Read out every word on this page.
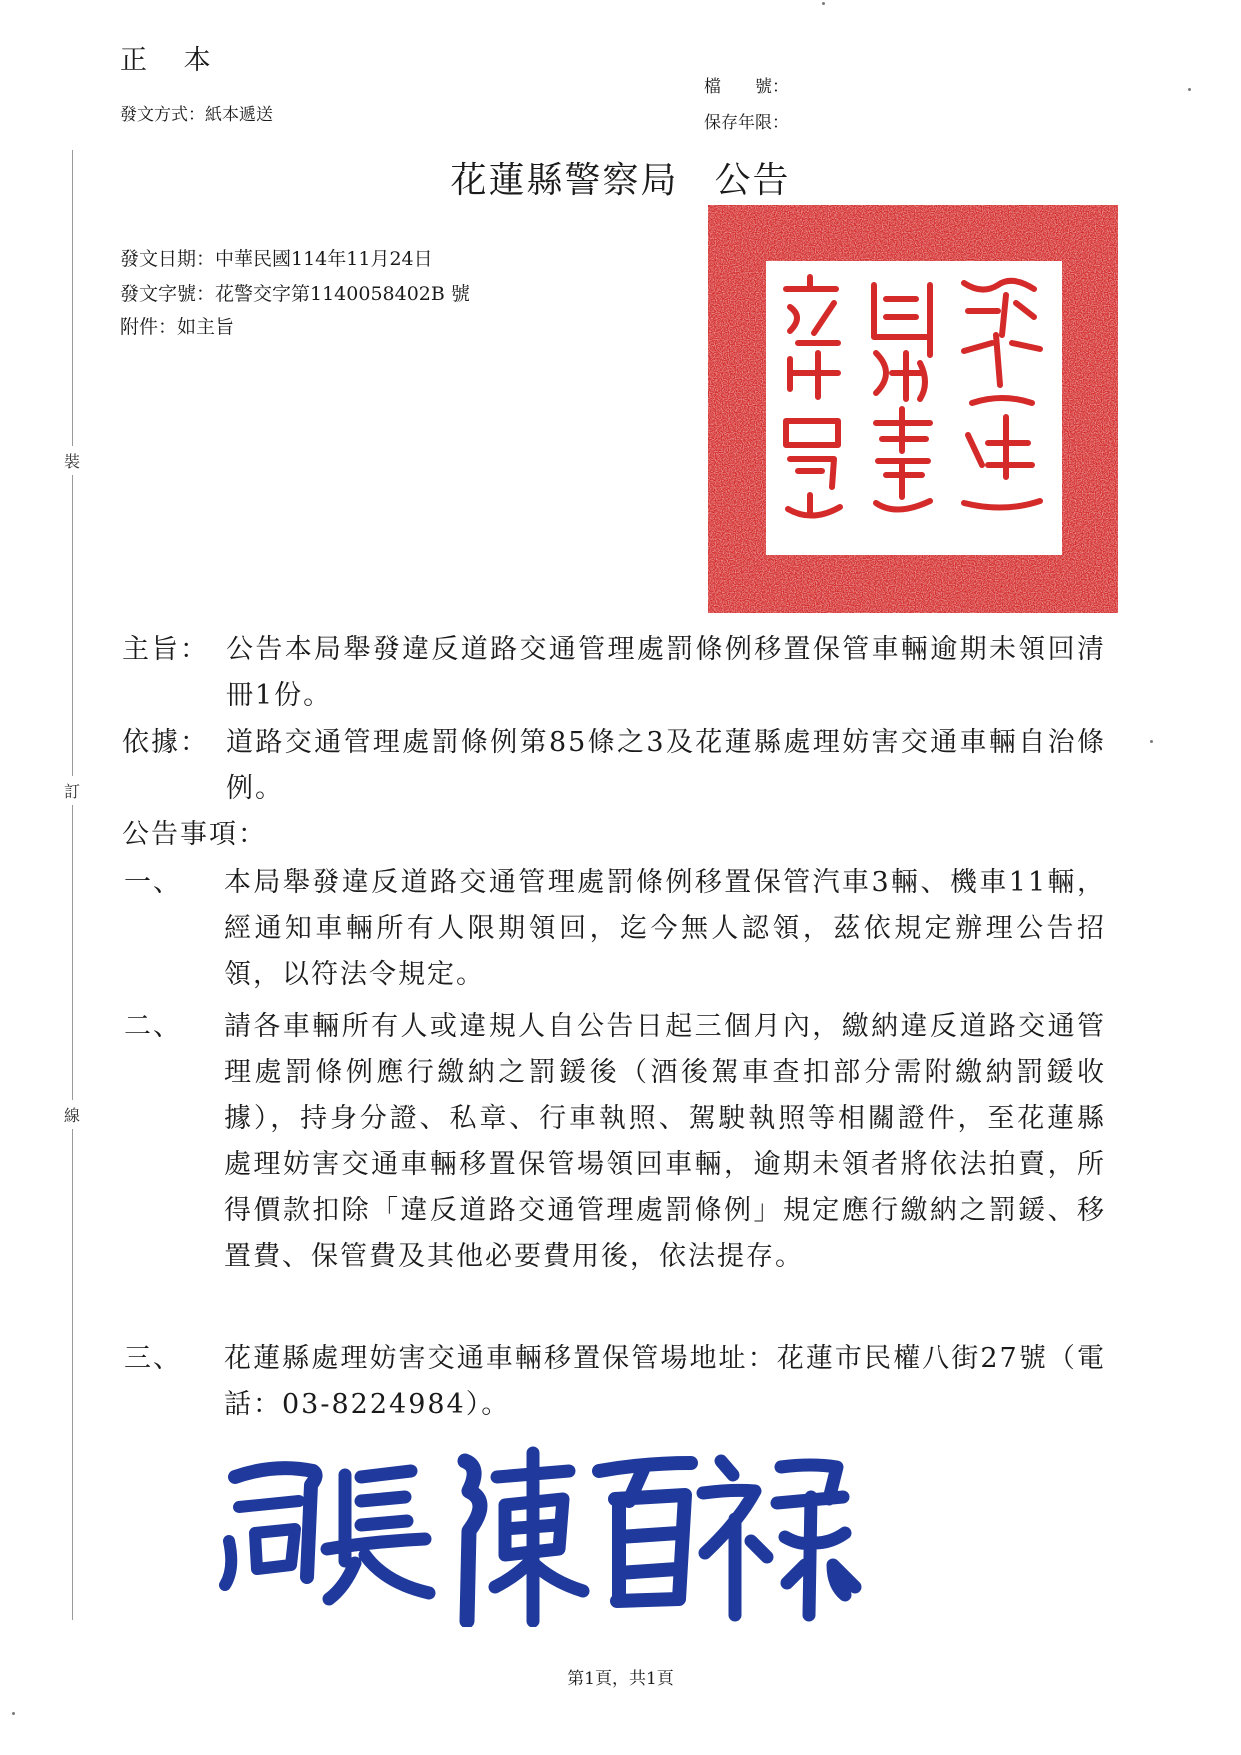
裝
訂
線
正 本
發文方式：紙本遞送
檔　　號：
保存年限：
花蓮縣警察局 公告
發文日期：中華民國114年11月24日
發文字號：花警交字第1140058402B 號
附件：如主旨
主旨： 公告本局舉發違反道路交通管理處罰條例移置保管車輛逾期未領回清冊1份。
依據： 道路交通管理處罰條例第85條之3及花蓮縣處理妨害交通車輛自治條例。
公告事項：
一、	本局舉發違反道路交通管理處罰條例移置保管汽車3輛、機車11輛，經通知車輛所有人限期領回，迄今無人認領，茲依規定辦理公告招領，以符法令規定。
二、	請各車輛所有人或違規人自公告日起三個月內，繳納違反道路交通管理處罰條例應行繳納之罰鍰後（酒後駕車查扣部分需附繳納罰鍰收據），持身分證、私章、行車執照、駕駛執照等相關證件，至花蓮縣處理妨害交通車輛移置保管場領回車輛，逾期未領者將依法拍賣，所得價款扣除「違反道路交通管理處罰條例」規定應行繳納之罰鍰、移置費、保管費及其他必要費用後，依法提存。
三、	花蓮縣處理妨害交通車輛移置保管場地址：花蓮市民權八街27號（電話：03-8224984）。
第1頁，共1頁
